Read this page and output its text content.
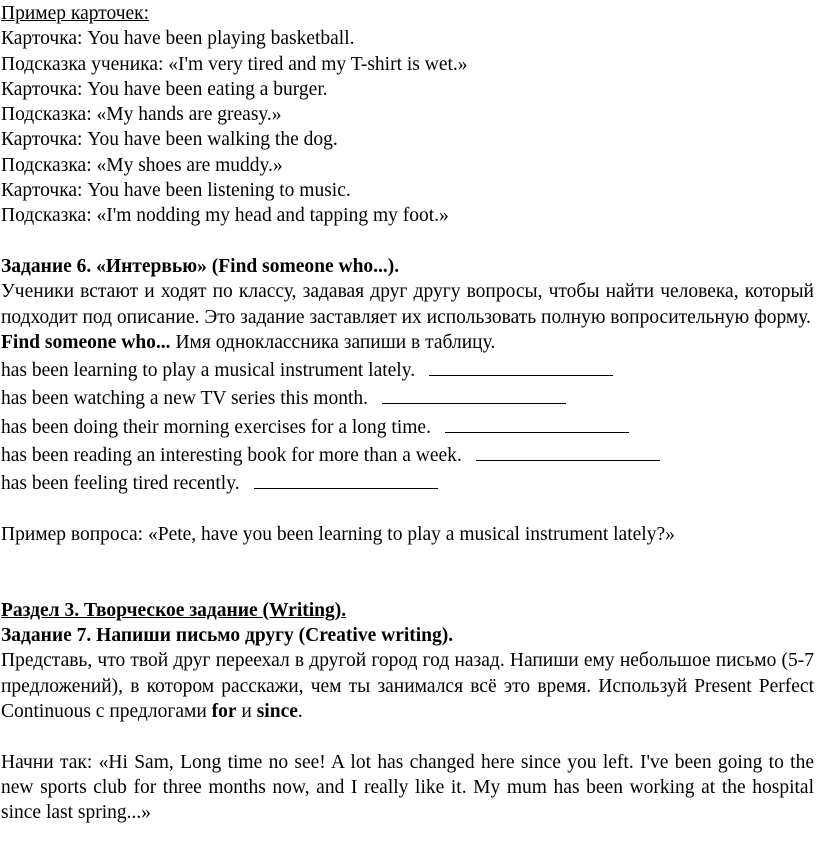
Пример карточек:
Карточка: You have been playing basketball.
Подсказка ученика: «I'm very tired and my T-shirt is wet.»
Карточка: You have been eating a burger.
Подсказка: «My hands are greasy.»
Карточка: You have been walking the dog.
Подсказка: «My shoes are muddy.»
Карточка: You have been listening to music.
Подсказка: «I'm nodding my head and tapping my foot.»
Задание 6. «Интервью» (Find someone who...).
Ученики встают и ходят по классу, задавая друг другу вопросы, чтобы найти человека, который подходит под описание. Это задание заставляет их использовать полную вопросительную форму.
Find someone who... Имя одноклассника запиши в таблицу.
has been learning to play a musical instrument lately.
has been watching a new TV series this month.
has been doing their morning exercises for a long time.
has been reading an interesting book for more than a week.
has been feeling tired recently.
Пример вопроса: «Pete, have you been learning to play a musical instrument lately?»
Раздел 3. Творческое задание (Writing).
Задание 7. Напиши письмо другу (Creative writing).
Представь, что твой друг переехал в другой город год назад. Напиши ему небольшое письмо (5-7 предложений), в котором расскажи, чем ты занимался всё это время. Используй Present Perfect Continuous с предлогами for и since.
Начни так: «Hi Sam, Long time no see! A lot has changed here since you left. I've been going to the new sports club for three months now, and I really like it. My mum has been working at the hospital since last spring...»
